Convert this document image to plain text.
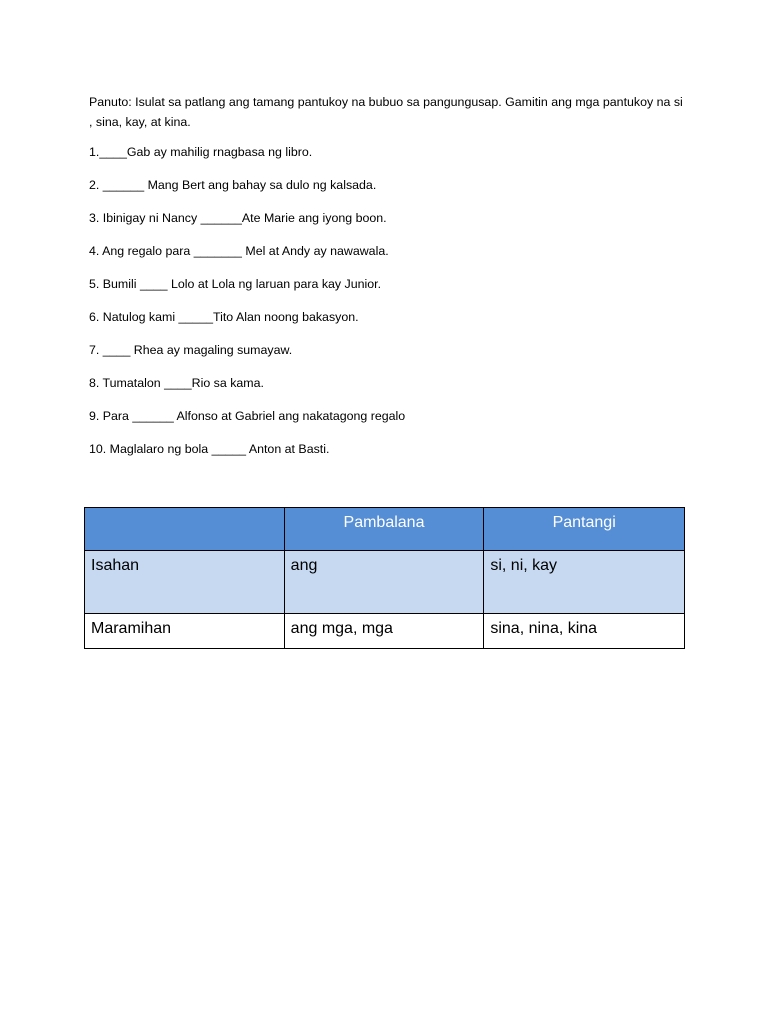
Panuto: Isulat sa patlang ang tamang pantukoy na bubuo sa pangungusap. Gamitin ang mga pantukoy na si , sina, kay, at kina.

1.____Gab ay mahilig rnagbasa ng libro.
2. ______ Mang Bert ang bahay sa dulo ng kalsada.
3. Ibinigay ni Nancy ______Ate Marie ang iyong boon.
4. Ang regalo para _______ Mel at Andy ay nawawala.
5. Bumili ____ Lolo at Lola ng laruan para kay Junior.
6. Natulog kami _____Tito Alan noong bakasyon.
7. ____ Rhea ay magaling sumayaw.
8. Tumatalon ____Rio sa kama.
9. Para ______ Alfonso at Gabriel ang nakatagong regalo
10. Maglalaro ng bola _____ Anton at Basti.
	Pambalana	Pantangi
Isahan	ang	si, ni, kay
Maramihan	ang mga, mga	sina, nina, kina
